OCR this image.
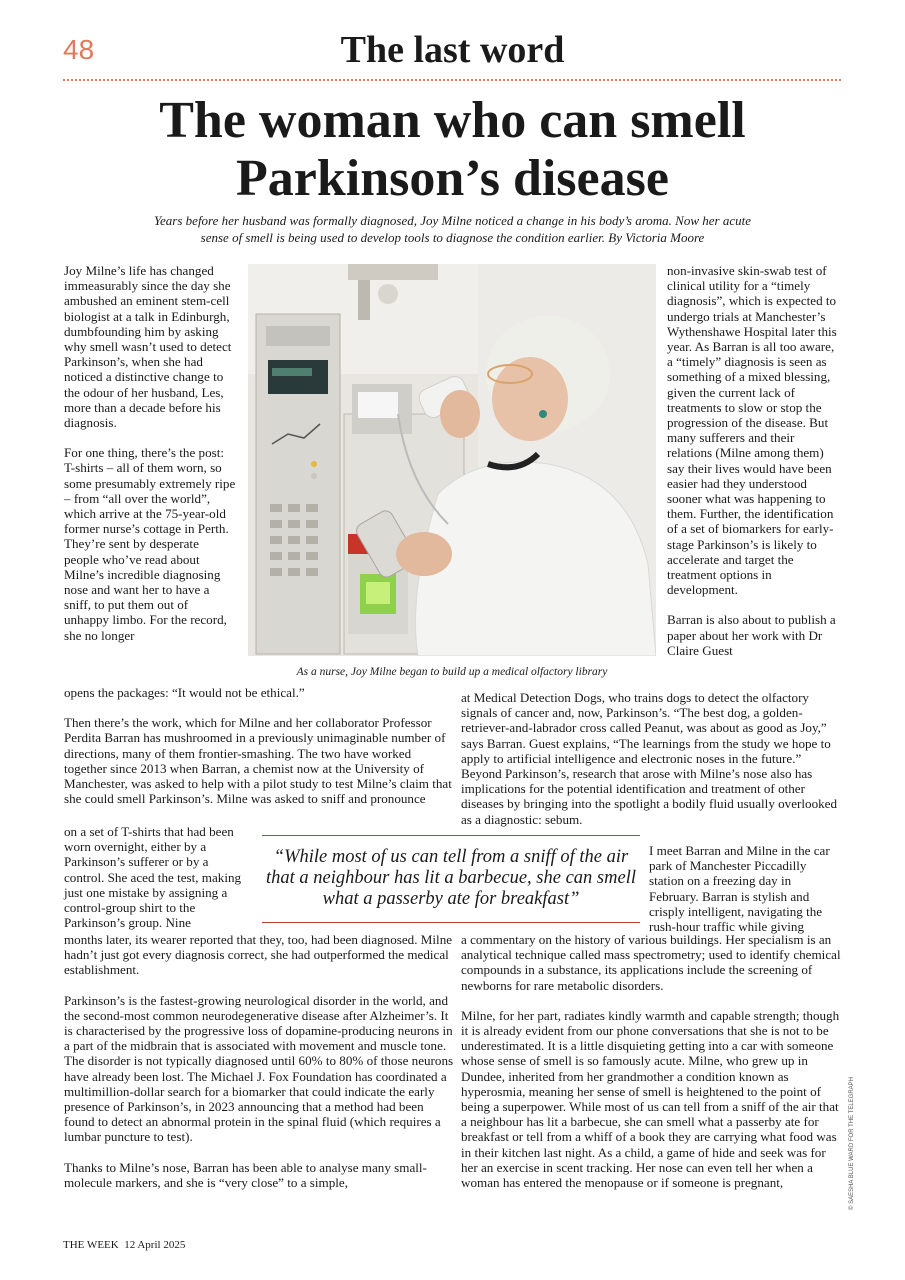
48	The last word
The woman who can smell
Parkinson’s disease
Years before her husband was formally diagnosed, Joy Milne noticed a change in his body’s aroma. Now her acute
sense of smell is being used to develop tools to diagnose the condition earlier. By Victoria Moore

Joy Milne’s life has changed immeasurably since the day she ambushed an eminent stem-cell biologist at a talk in Edinburgh, dumbfounding him by asking why smell wasn’t used to detect Parkinson’s, when she had noticed a distinctive change to the odour of her husband, Les, more than a decade before his diagnosis.

For one thing, there’s the post: T-shirts – all of them worn, so some presumably extremely ripe – from “all over the world”, which arrive at the 75-year-old former nurse’s cottage in Perth. They’re sent by desperate people who’ve read about Milne’s incredible diagnosing nose and want her to have a sniff, to put them out of unhappy limbo. For the record, she no longer

As a nurse, Joy Milne began to build up a medical olfactory library

opens the packages: “It would not be ethical.”

Then there’s the work, which for Milne and her collaborator Professor Perdita Barran has mushroomed in a previously unimaginable number of directions, many of them frontier-smashing. The two have worked together since 2013 when Barran, a chemist now at the University of Manchester, was asked to help with a pilot study to test Milne’s claim that she could smell Parkinson’s. Milne was asked to sniff and pronounce

on a set of T-shirts that had been worn overnight, either by a Parkinson’s sufferer or by a control. She aced the test, making just one mistake by assigning a control-group shirt to the Parkinson’s group. Nine

months later, its wearer reported that they, too, had been diagnosed. Milne hadn’t just got every diagnosis correct, she had outperformed the medical establishment.

Parkinson’s is the fastest-growing neurological disorder in the world, and the second-most common neurodegenerative disease after Alzheimer’s. It is characterised by the progressive loss of dopamine-producing neurons in a part of the midbrain that is associated with movement and muscle tone. The disorder is not typically diagnosed until 60% to 80% of those neurons have already been lost. The Michael J. Fox Foundation has coordinated a multimillion-dollar search for a biomarker that could indicate the early presence of Parkinson’s, in 2023 announcing that a method had been found to detect an abnormal protein in the spinal fluid (which requires a lumbar puncture to test).

Thanks to Milne’s nose, Barran has been able to analyse many small-molecule markers, and she is “very close” to a simple,

non-invasive skin-swab test of clinical utility for a “timely diagnosis”, which is expected to undergo trials at Manchester’s Wythenshawe Hospital later this year. As Barran is all too aware, a “timely” diagnosis is seen as something of a mixed blessing, given the current lack of treatments to slow or stop the progression of the disease. But many sufferers and their relations (Milne among them) say their lives would have been easier had they understood sooner what was happening to them. Further, the identification of a set of biomarkers for early-stage Parkinson’s is likely to accelerate and target the treatment options in development.

Barran is also about to publish a paper about her work with Dr Claire Guest

at Medical Detection Dogs, who trains dogs to detect the olfactory signals of cancer and, now, Parkinson’s. “The best dog, a golden-retriever-and-labrador cross called Peanut, was about as good as Joy,” says Barran. Guest explains, “The learnings from the study we hope to apply to artificial intelligence and electronic noses in the future.” Beyond Parkinson’s, research that arose with Milne’s nose also has implications for the potential identification and treatment of other diseases by bringing into the spotlight a bodily fluid usually overlooked as a diagnostic: sebum.

“While most of us can tell from a sniff of the air that a neighbour has lit a barbecue, she can smell what a passerby ate for breakfast”

I meet Barran and Milne in the car park of Manchester Piccadilly station on a freezing day in February. Barran is stylish and crisply intelligent, navigating the rush-hour traffic while giving

a commentary on the history of various buildings. Her specialism is an analytical technique called mass spectrometry; used to identify chemical compounds in a substance, its applications include the screening of newborns for rare metabolic disorders.

Milne, for her part, radiates kindly warmth and capable strength; though it is already evident from our phone conversations that she is not to be underestimated. It is a little disquieting getting into a car with someone whose sense of smell is so famously acute. Milne, who grew up in Dundee, inherited from her grandmother a condition known as hyperosmia, meaning her sense of smell is heightened to the point of being a superpower. While most of us can tell from a sniff of the air that a neighbour has lit a barbecue, she can smell what a passerby ate for breakfast or tell from a whiff of a book they are carrying what food was in their kitchen last night. As a child, a game of hide and seek was for her an exercise in scent tracking. Her nose can even tell her when a woman has entered the menopause or if someone is pregnant,	© SAESHA BLUE WARD FOR THE TELEGRAPH
THE WEEK 12 April 2025
